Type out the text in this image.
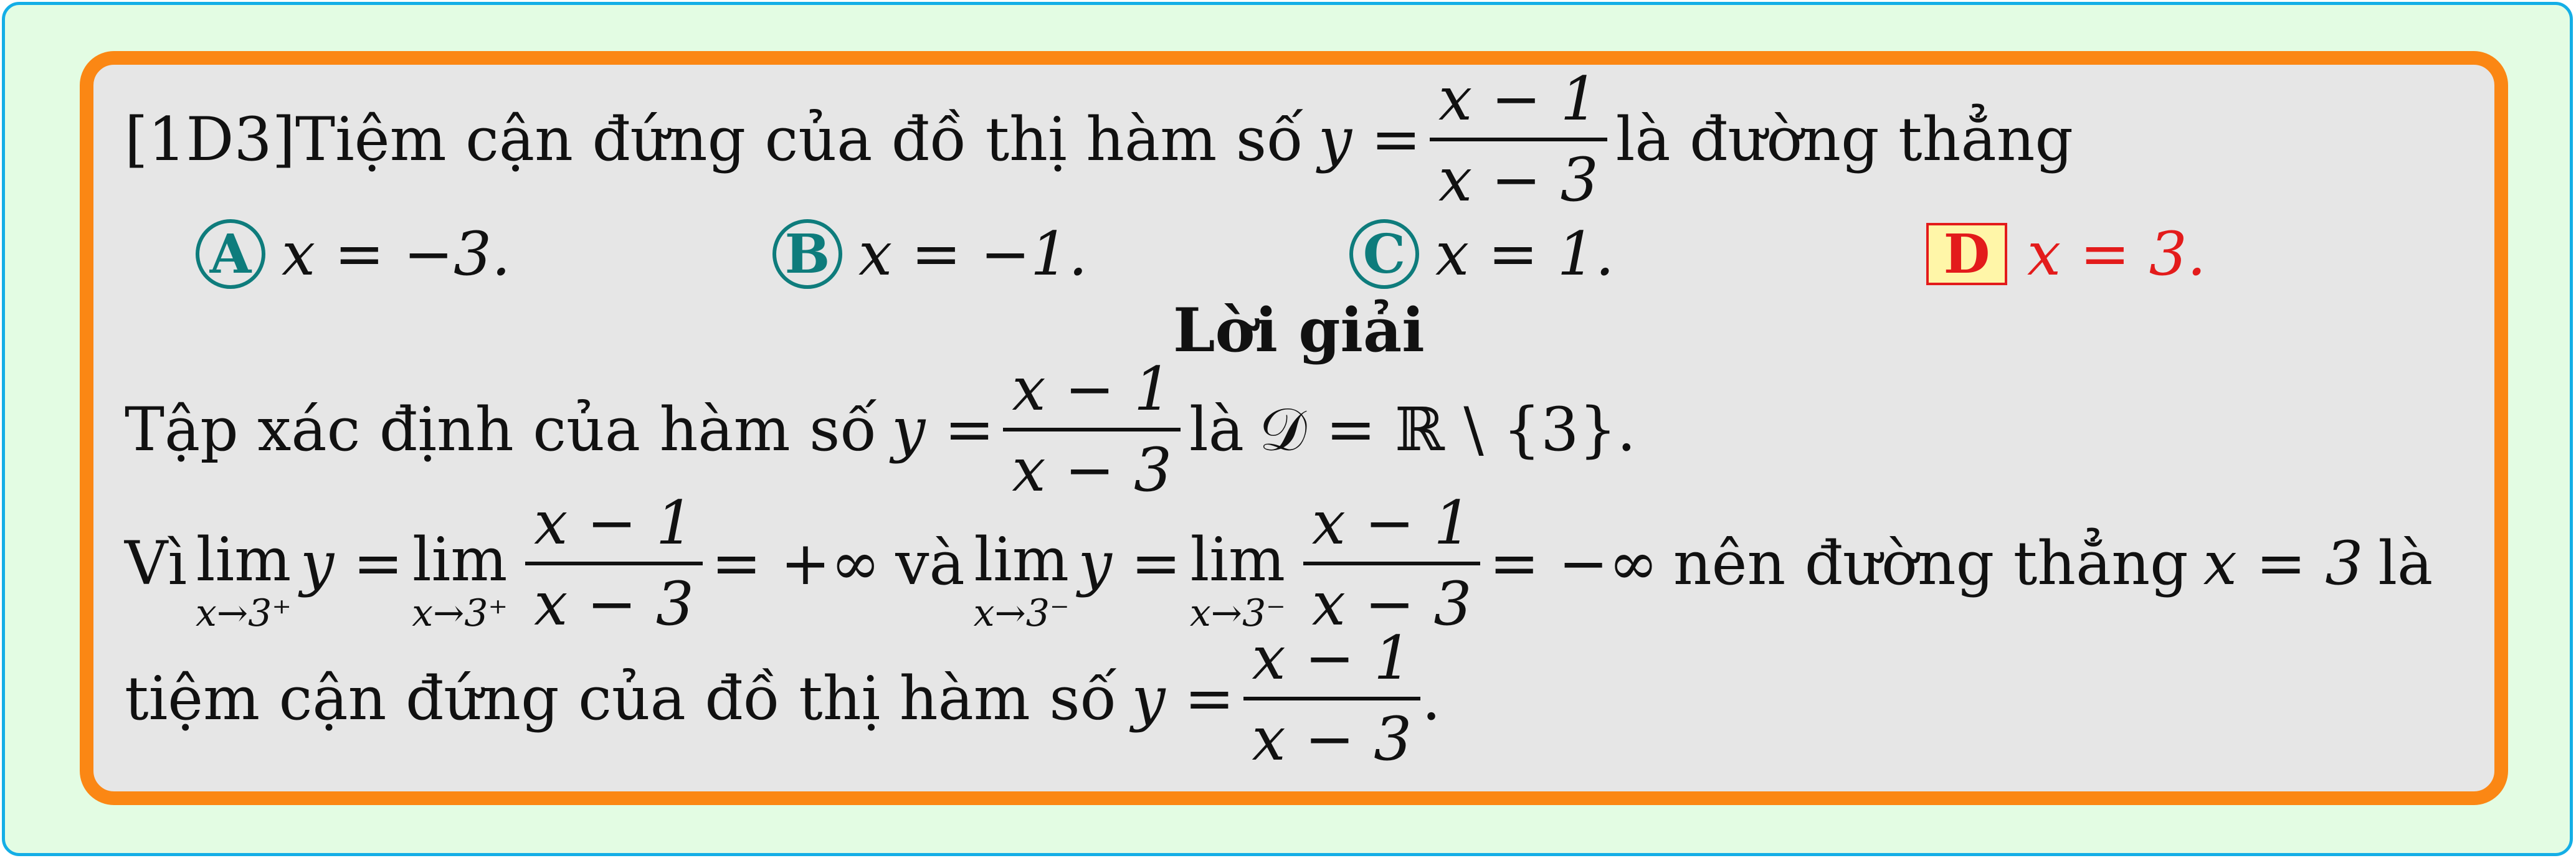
[1D3] Tiệm cận đứng của đồ thị hàm số $y = \frac{x - 1}{x - 3}$ là đường thẳng
A x = −3.	B x = −1.	C x = 1.	D x = 3.
Lời giải
Tập xác định của hàm số $y = \frac{x - 1}{x - 3}$ là 𝒟 = ℝ \ {3}.
Vì lim
x→3⁺
y = lim
$x\to 3^+ \frac{x - 1}{x - 3}$ = +∞ và lim
x→3⁻
y = lim
$x\to 3^- \frac{x - 1}{x - 3}$ = −∞ nên đường thẳng x = 3 là
tiệm cận đứng của đồ thị hàm số $y = \frac{x - 1}{x - 3}$ .
